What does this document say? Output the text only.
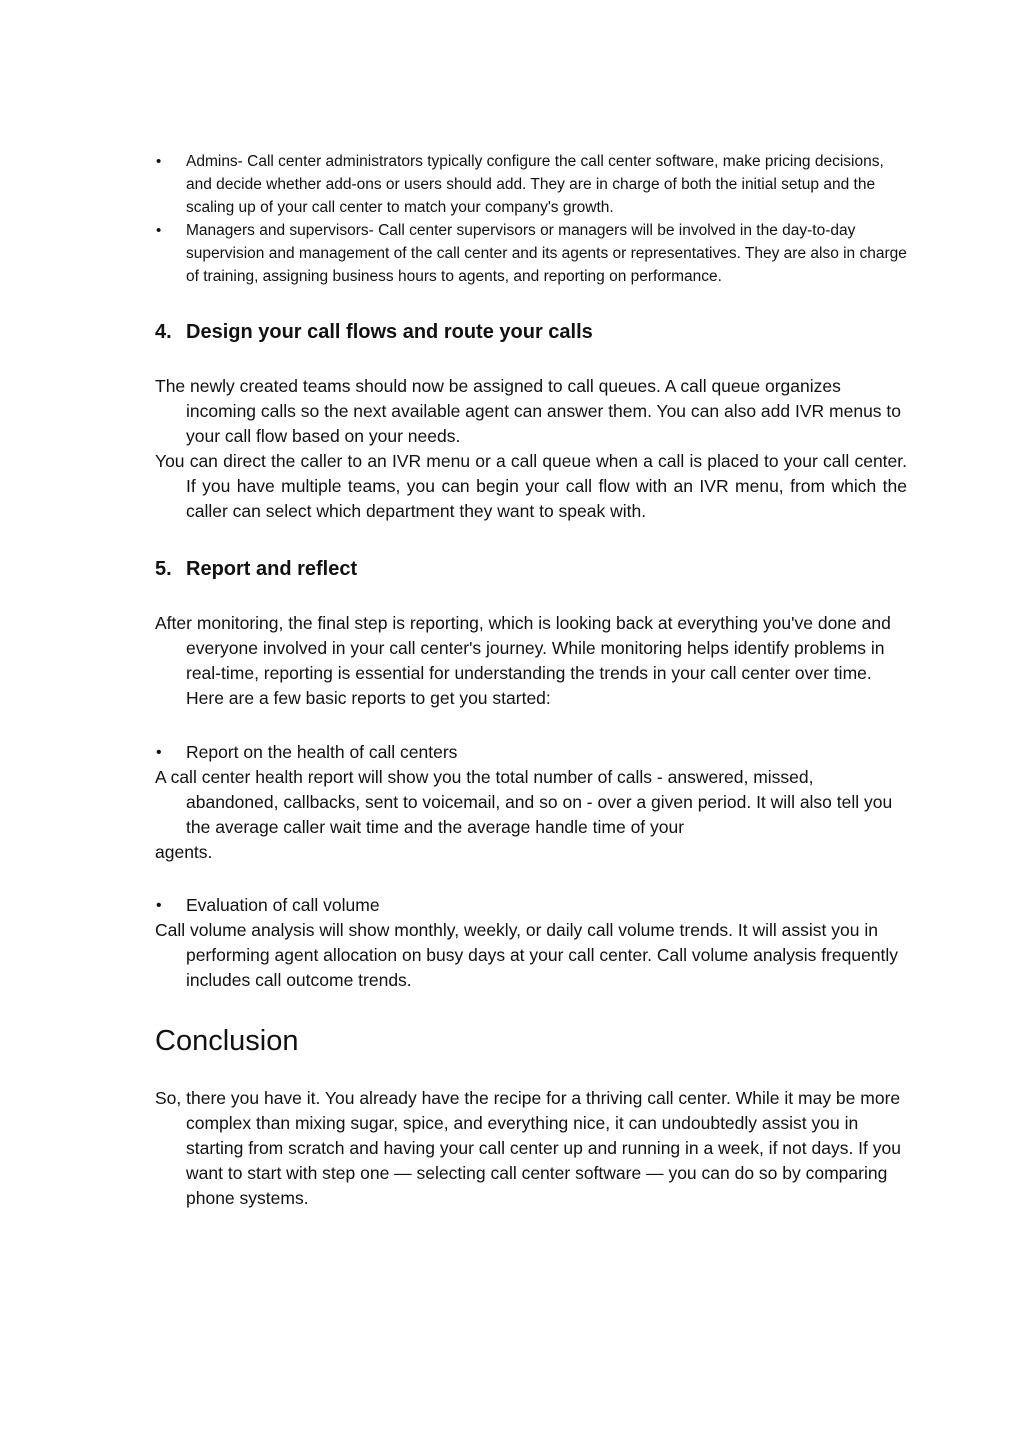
• Admins- Call center administrators typically configure the call center software, make pricing decisions, and decide whether add-ons or users should add. They are in charge of both the initial setup and the scaling up of your call center to match your company's growth.
• Managers and supervisors- Call center supervisors or managers will be involved in the day-to-day supervision and management of the call center and its agents or representatives. They are also in charge of training, assigning business hours to agents, and reporting on performance.
4. Design your call flows and route your calls

The newly created teams should now be assigned to call queues. A call queue organizes incoming calls so the next available agent can answer them. You can also add IVR menus to your call flow based on your needs.

You can direct the caller to an IVR menu or a call queue when a call is placed to your call center. If you have multiple teams, you can begin your call flow with an IVR menu, from which the caller can select which department they want to speak with.

5. Report and reflect

After monitoring, the final step is reporting, which is looking back at everything you've done and everyone involved in your call center's journey. While monitoring helps identify problems in real-time, reporting is essential for understanding the trends in your call center over time. Here are a few basic reports to get you started:

• Report on the health of call centers

A call center health report will show you the total number of calls - answered, missed, abandoned, callbacks, sent to voicemail, and so on - over a given period. It will also tell you the average caller wait time and the average handle time of your

agents.

• Evaluation of call volume

Call volume analysis will show monthly, weekly, or daily call volume trends. It will assist you in performing agent allocation on busy days at your call center. Call volume analysis frequently includes call outcome trends.

Conclusion

So, there you have it. You already have the recipe for a thriving call center. While it may be more complex than mixing sugar, spice, and everything nice, it can undoubtedly assist you in starting from scratch and having your call center up and running in a week, if not days. If you want to start with step one — selecting call center software — you can do so by comparing phone systems.
